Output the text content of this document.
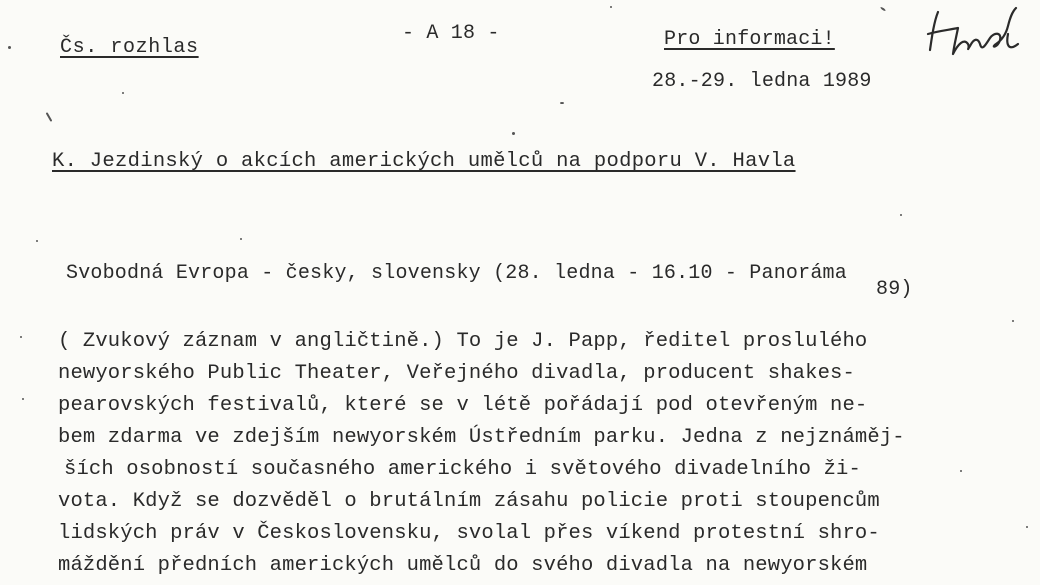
Čs. rozhlas
- A 18 -	Pro informaci!
28.-29. ledna 1989
K. Jezdinský o akcích amerických umělců na podporu V. Havla
Svobodná Evropa - česky, slovensky (28. ledna - 16.10 - Panoráma
89)
( Zvukový záznam v angličtině.) To je J. Papp, ředitel proslulého
newyorského Public Theater, Veřejného divadla, producent shakes-
pearovských festivalů, které se v létě pořádají pod otevřeným ne-
bem zdarma ve zdejším newyorském Ústředním parku. Jedna z nejznáměj-
ších osobností současného amerického i světového divadelního ži-
vota. Když se dozvěděl o brutálním zásahu policie proti stoupencům
lidských práv v Československu, svolal přes víkend protestní shro-
máždění předních amerických umělců do svého divadla na newyorském
